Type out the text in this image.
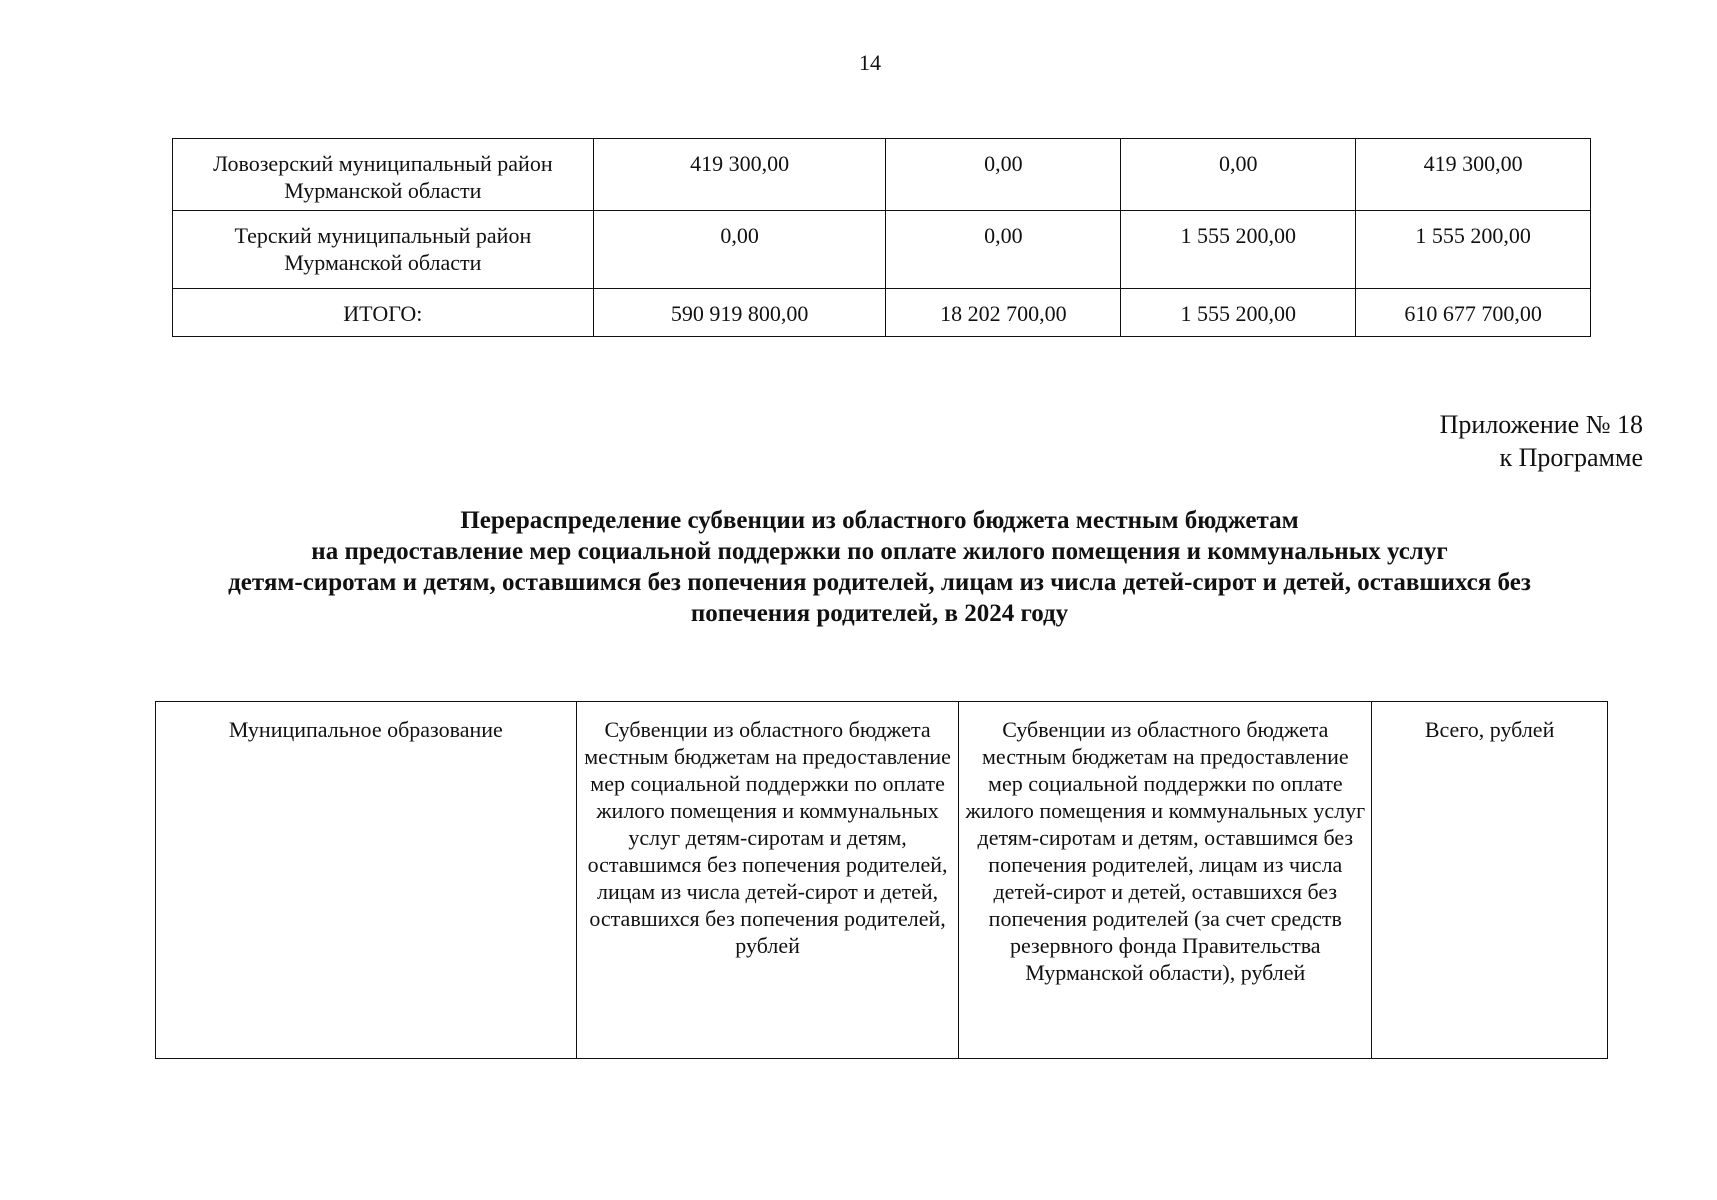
14
Ловозерский муниципальный район Мурманской области	419 300,00	0,00	0,00	419 300,00
Терский муниципальный район Мурманской области	0,00	0,00	1 555 200,00	1 555 200,00
ИТОГО:	590 919 800,00	18 202 700,00	1 555 200,00	610 677 700,00
Приложение № 18
к Программе
Перераспределение субвенции из областного бюджета местным бюджетам
на предоставление мер социальной поддержки по оплате жилого помещения и коммунальных услуг
детям-сиротам и детям, оставшимся без попечения родителей, лицам из числа детей-сирот и детей, оставшихся без
попечения родителей, в 2024 году
Муниципальное образование	Субвенции из областного бюджета местным бюджетам на предоставление мер социальной поддержки по оплате жилого помещения и коммунальных услуг детям-сиротам и детям, оставшимся без попечения родителей, лицам из числа детей-сирот и детей, оставшихся без попечения родителей, рублей	Субвенции из областного бюджета местным бюджетам на предоставление мер социальной поддержки по оплате жилого помещения и коммунальных услуг детям-сиротам и детям, оставшимся без попечения родителей, лицам из числа детей-сирот и детей, оставшихся без попечения родителей (за счет средств резервного фонда Правительства Мурманской области), рублей	Всего, рублей
